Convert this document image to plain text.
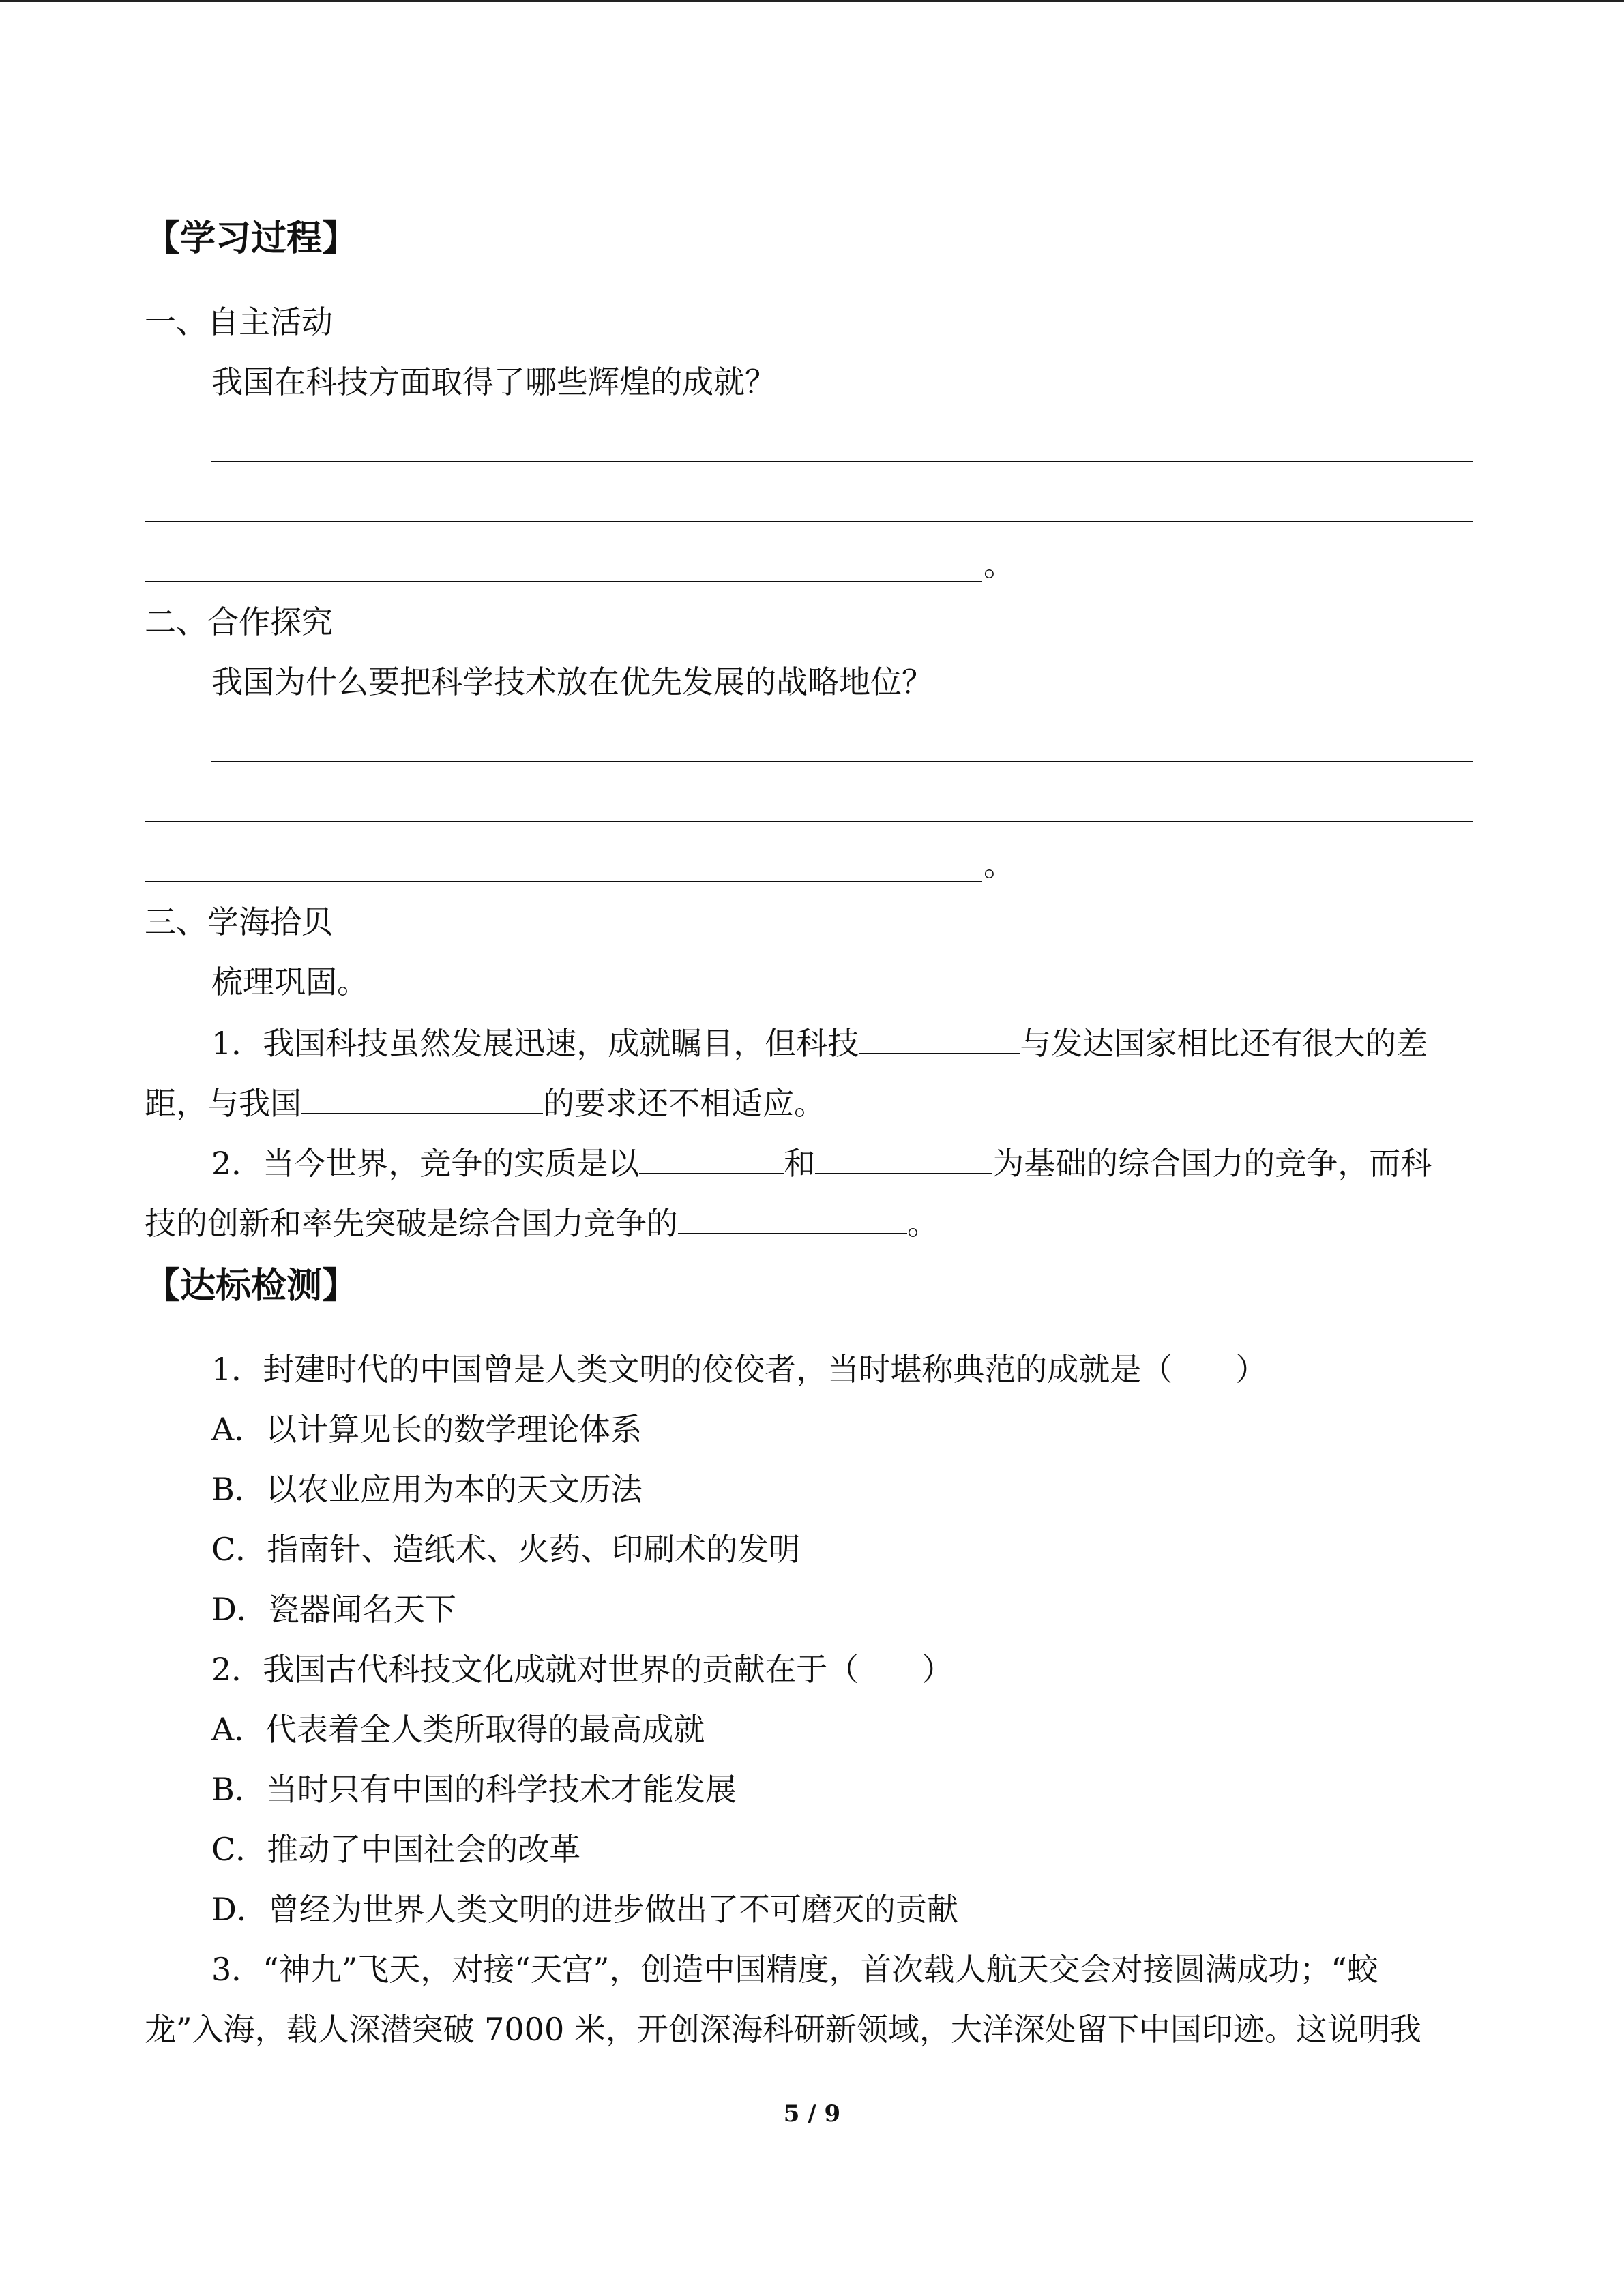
【学习过程】
一、自主活动
我国在科技方面取得了哪些辉煌的成就？
。
二、合作探究
我国为什么要把科学技术放在优先发展的战略地位？
。
三、学海拾贝
梳理巩固。
1．我国科技虽然发展迅速，成就瞩目，但科技	与发达国家相比还有很大的差
距，与我国	的要求还不相适应。
2．当今世界，竞争的实质是以	和	为基础的综合国力的竞争，而科
技的创新和率先突破是综合国力竞争的	。
【达标检测】
1．封建时代的中国曾是人类文明的佼佼者，当时堪称典范的成就是（　　）
A．以计算见长的数学理论体系
B．以农业应用为本的天文历法
C．指南针、造纸术、火药、印刷术的发明
D．瓷器闻名天下
2．我国古代科技文化成就对世界的贡献在于（　　）
A．代表着全人类所取得的最高成就
B．当时只有中国的科学技术才能发展
C．推动了中国社会的改革
D．曾经为世界人类文明的进步做出了不可磨灭的贡献
3．“神九”飞天，对接“天宫”，创造中国精度，首次载人航天交会对接圆满成功；“蛟
龙”入海，载人深潜突破 7000 米，开创深海科研新领域，大洋深处留下中国印迹。这说明我
5 / 9
